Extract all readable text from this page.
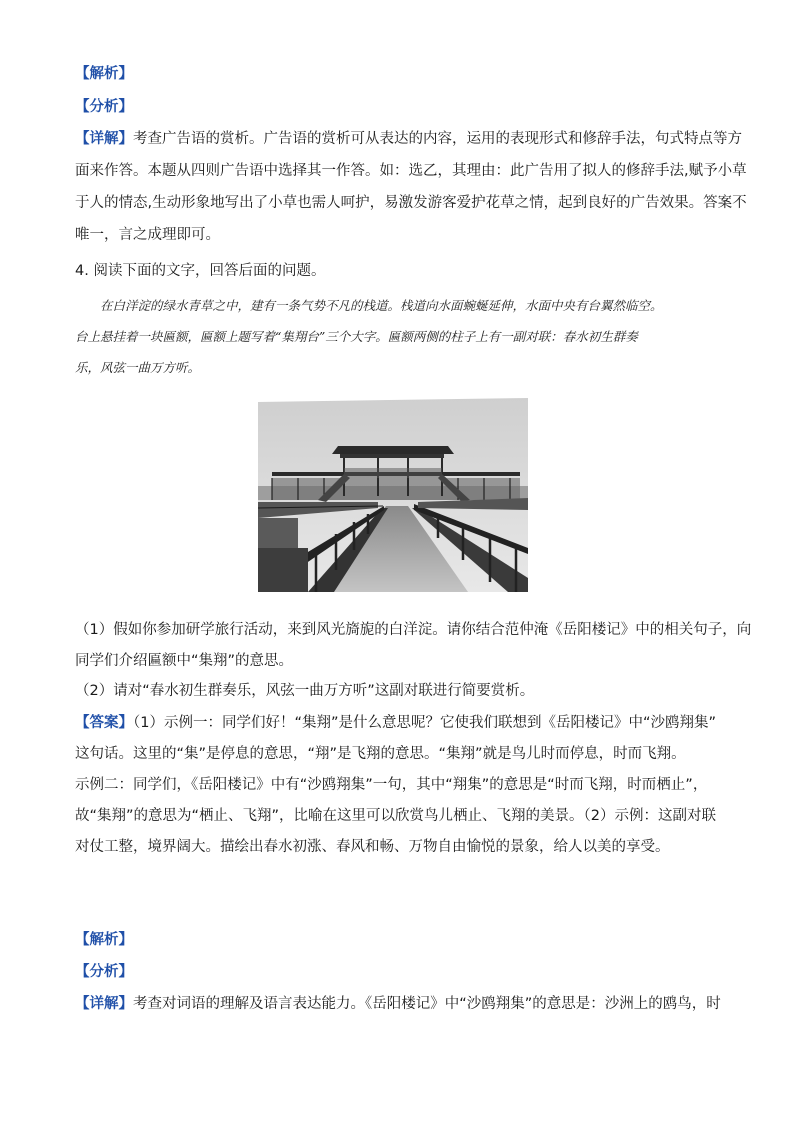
【解析】
【分析】
【详解】考查广告语的赏析。广告语的赏析可从表达的内容，运用的表现形式和修辞手法，句式特点等方
面来作答。本题从四则广告语中选择其一作答。如：选乙，其理由：此广告用了拟人的修辞手法,赋予小草
于人的情态,生动形象地写出了小草也需人呵护，易激发游客爱护花草之情，起到良好的广告效果。答案不
唯一，言之成理即可。
4. 阅读下面的文字，回答后面的问题。
在白洋淀的绿水青草之中，建有一条气势不凡的栈道。栈道向水面蜿蜒延伸，水面中央有台翼然临空。
台上悬挂着一块匾额，匾额上题写着“集翔台”三个大字。匾额两侧的柱子上有一副对联：春水初生群奏
乐，风弦一曲万方听。
（1）假如你参加研学旅行活动，来到风光旖旎的白洋淀。请你结合范仲淹《岳阳楼记》中的相关句子，向
同学们介绍匾额中“集翔”的意思。
（2）请对“春水初生群奏乐，风弦一曲万方听”这副对联进行简要赏析。
【答案】（1）示例一：同学们好！“集翔”是什么意思呢？它使我们联想到《岳阳楼记》中“沙鸥翔集”
这句话。这里的“集”是停息的意思，“翔”是飞翔的意思。“集翔”就是鸟儿时而停息，时而飞翔。
示例二：同学们，《岳阳楼记》中有“沙鸥翔集”一句，其中“翔集”的意思是“时而飞翔，时而栖止”，
故“集翔”的意思为“栖止、飞翔”，比喻在这里可以欣赏鸟儿栖止、飞翔的美景。（2）示例：这副对联
对仗工整，境界阔大。描绘出春水初涨、春风和畅、万物自由愉悦的景象，给人以美的享受。
【解析】
【分析】
【详解】考查对词语的理解及语言表达能力。《岳阳楼记》中“沙鸥翔集”的意思是：沙洲上的鸥鸟，时
